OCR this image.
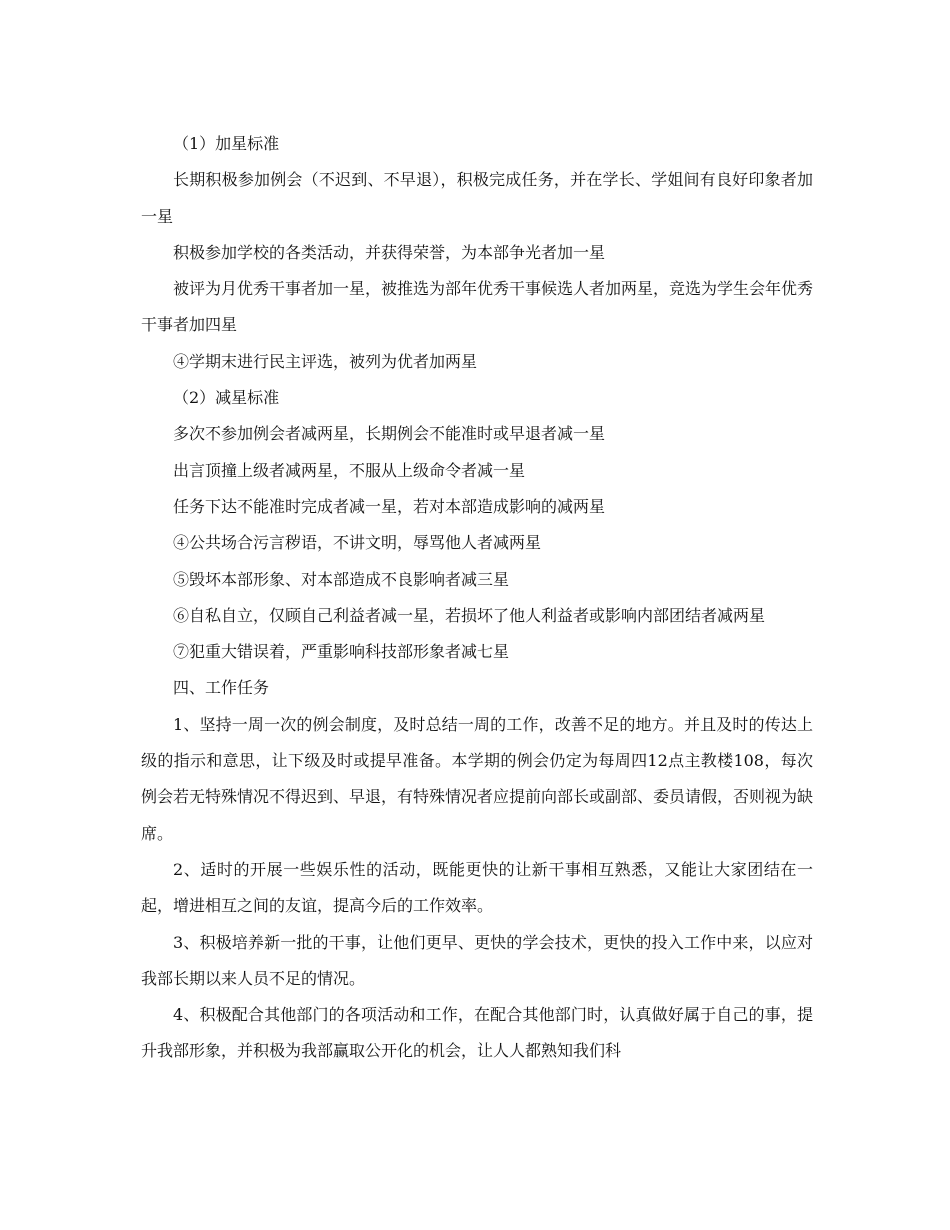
（1）加星标准

长期积极参加例会（不迟到、不早退），积极完成任务，并在学长、学姐间有良好印象者加一星

积极参加学校的各类活动，并获得荣誉，为本部争光者加一星

被评为月优秀干事者加一星，被推选为部年优秀干事候选人者加两星，竞选为学生会年优秀干事者加四星

④学期末进行民主评选，被列为优者加两星

（2）减星标准

多次不参加例会者减两星，长期例会不能准时或早退者减一星

出言顶撞上级者减两星，不服从上级命令者减一星

任务下达不能准时完成者减一星，若对本部造成影响的减两星

④公共场合污言秽语，不讲文明，辱骂他人者减两星

⑤毁坏本部形象、对本部造成不良影响者减三星

⑥自私自立，仅顾自己利益者减一星，若损坏了他人利益者或影响内部团结者减两星

⑦犯重大错误着，严重影响科技部形象者减七星

四、工作任务

1、坚持一周一次的例会制度，及时总结一周的工作，改善不足的地方。并且及时的传达上级的指示和意思，让下级及时或提早准备。本学期的例会仍定为每周四12点主教楼108，每次例会若无特殊情况不得迟到、早退，有特殊情况者应提前向部长或副部、委员请假，否则视为缺席。

2、适时的开展一些娱乐性的活动，既能更快的让新干事相互熟悉，又能让大家团结在一起，增进相互之间的友谊，提高今后的工作效率。

3、积极培养新一批的干事，让他们更早、更快的学会技术，更快的投入工作中来，以应对我部长期以来人员不足的情况。

4、积极配合其他部门的各项活动和工作，在配合其他部门时，认真做好属于自己的事，提升我部形象，并积极为我部赢取公开化的机会，让人人都熟知我们科
